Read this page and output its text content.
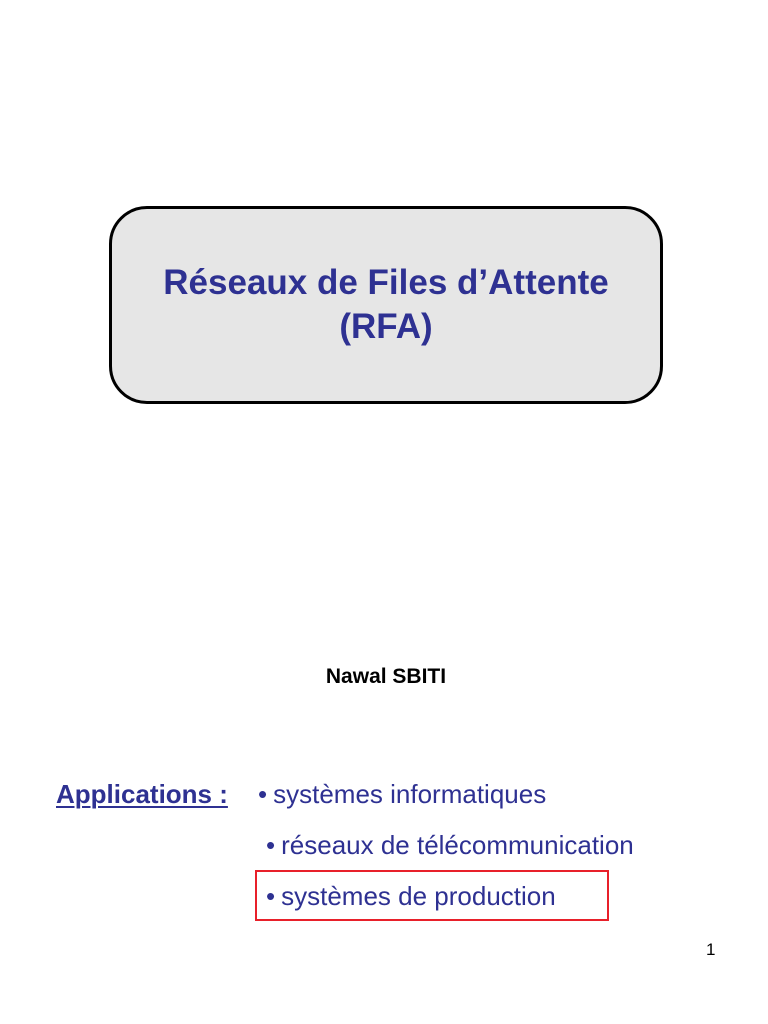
Réseaux de Files d’Attente
(RFA)
Nawal SBITI
Applications : • systèmes informatiques
• réseaux de télécommunication
• systèmes de production
1
